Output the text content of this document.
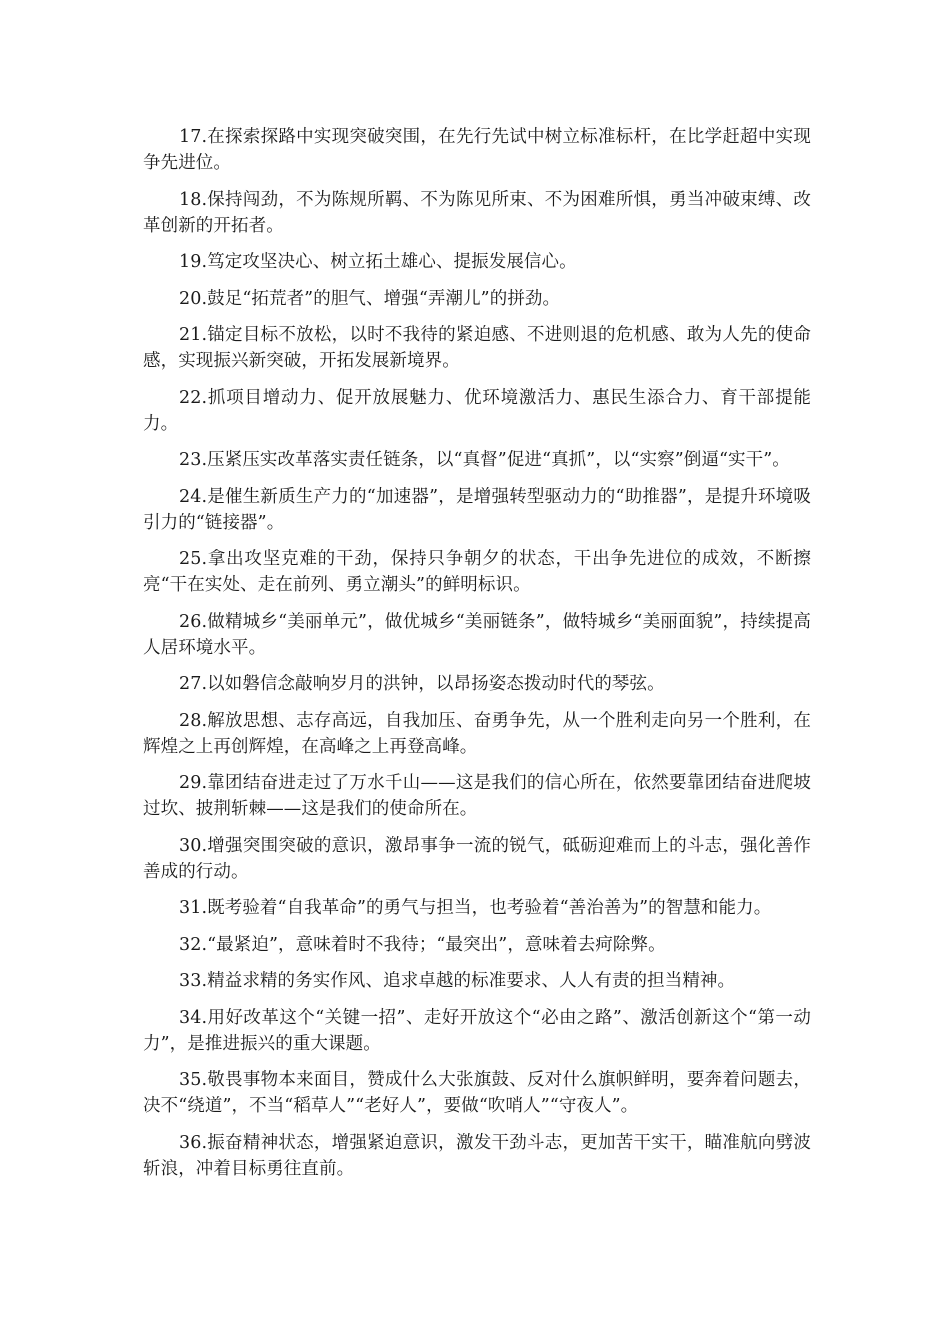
17.在探索探路中实现突破突围，在先行先试中树立标准标杆，在比学赶超中实现争先进位。

18.保持闯劲，不为陈规所羁、不为陈见所束、不为困难所惧，勇当冲破束缚、改革创新的开拓者。

19.笃定攻坚决心、树立拓土雄心、提振发展信心。

20.鼓足“拓荒者”的胆气、增强“弄潮儿”的拼劲。

21.锚定目标不放松，以时不我待的紧迫感、不进则退的危机感、敢为人先的使命感，实现振兴新突破，开拓发展新境界。

22.抓项目增动力、促开放展魅力、优环境激活力、惠民生添合力、育干部提能力。

23.压紧压实改革落实责任链条，以“真督”促进“真抓”，以“实察”倒逼“实干”。

24.是催生新质生产力的“加速器”，是增强转型驱动力的“助推器”，是提升环境吸引力的“链接器”。

25.拿出攻坚克难的干劲，保持只争朝夕的状态，干出争先进位的成效，不断擦亮“干在实处、走在前列、勇立潮头”的鲜明标识。

26.做精城乡“美丽单元”，做优城乡“美丽链条”，做特城乡“美丽面貌”，持续提高人居环境水平。

27.以如磐信念敲响岁月的洪钟，以昂扬姿态拨动时代的琴弦。

28.解放思想、志存高远，自我加压、奋勇争先，从一个胜利走向另一个胜利，在辉煌之上再创辉煌，在高峰之上再登高峰。

29.靠团结奋进走过了万水千山——这是我们的信心所在，依然要靠团结奋进爬坡过坎、披荆斩棘——这是我们的使命所在。

30.增强突围突破的意识，激昂事争一流的锐气，砥砺迎难而上的斗志，强化善作善成的行动。

31.既考验着“自我革命”的勇气与担当，也考验着“善治善为”的智慧和能力。

32.“最紧迫”，意味着时不我待；“最突出”，意味着去疴除弊。

33.精益求精的务实作风、追求卓越的标准要求、人人有责的担当精神。

34.用好改革这个“关键一招”、走好开放这个“必由之路”、激活创新这个“第一动力”，是推进振兴的重大课题。

35.敬畏事物本来面目，赞成什么大张旗鼓、反对什么旗帜鲜明，要奔着问题去，决不“绕道”，不当“稻草人”“老好人”，要做“吹哨人”“守夜人”。

36.振奋精神状态，增强紧迫意识，激发干劲斗志，更加苦干实干，瞄准航向劈波斩浪，冲着目标勇往直前。
